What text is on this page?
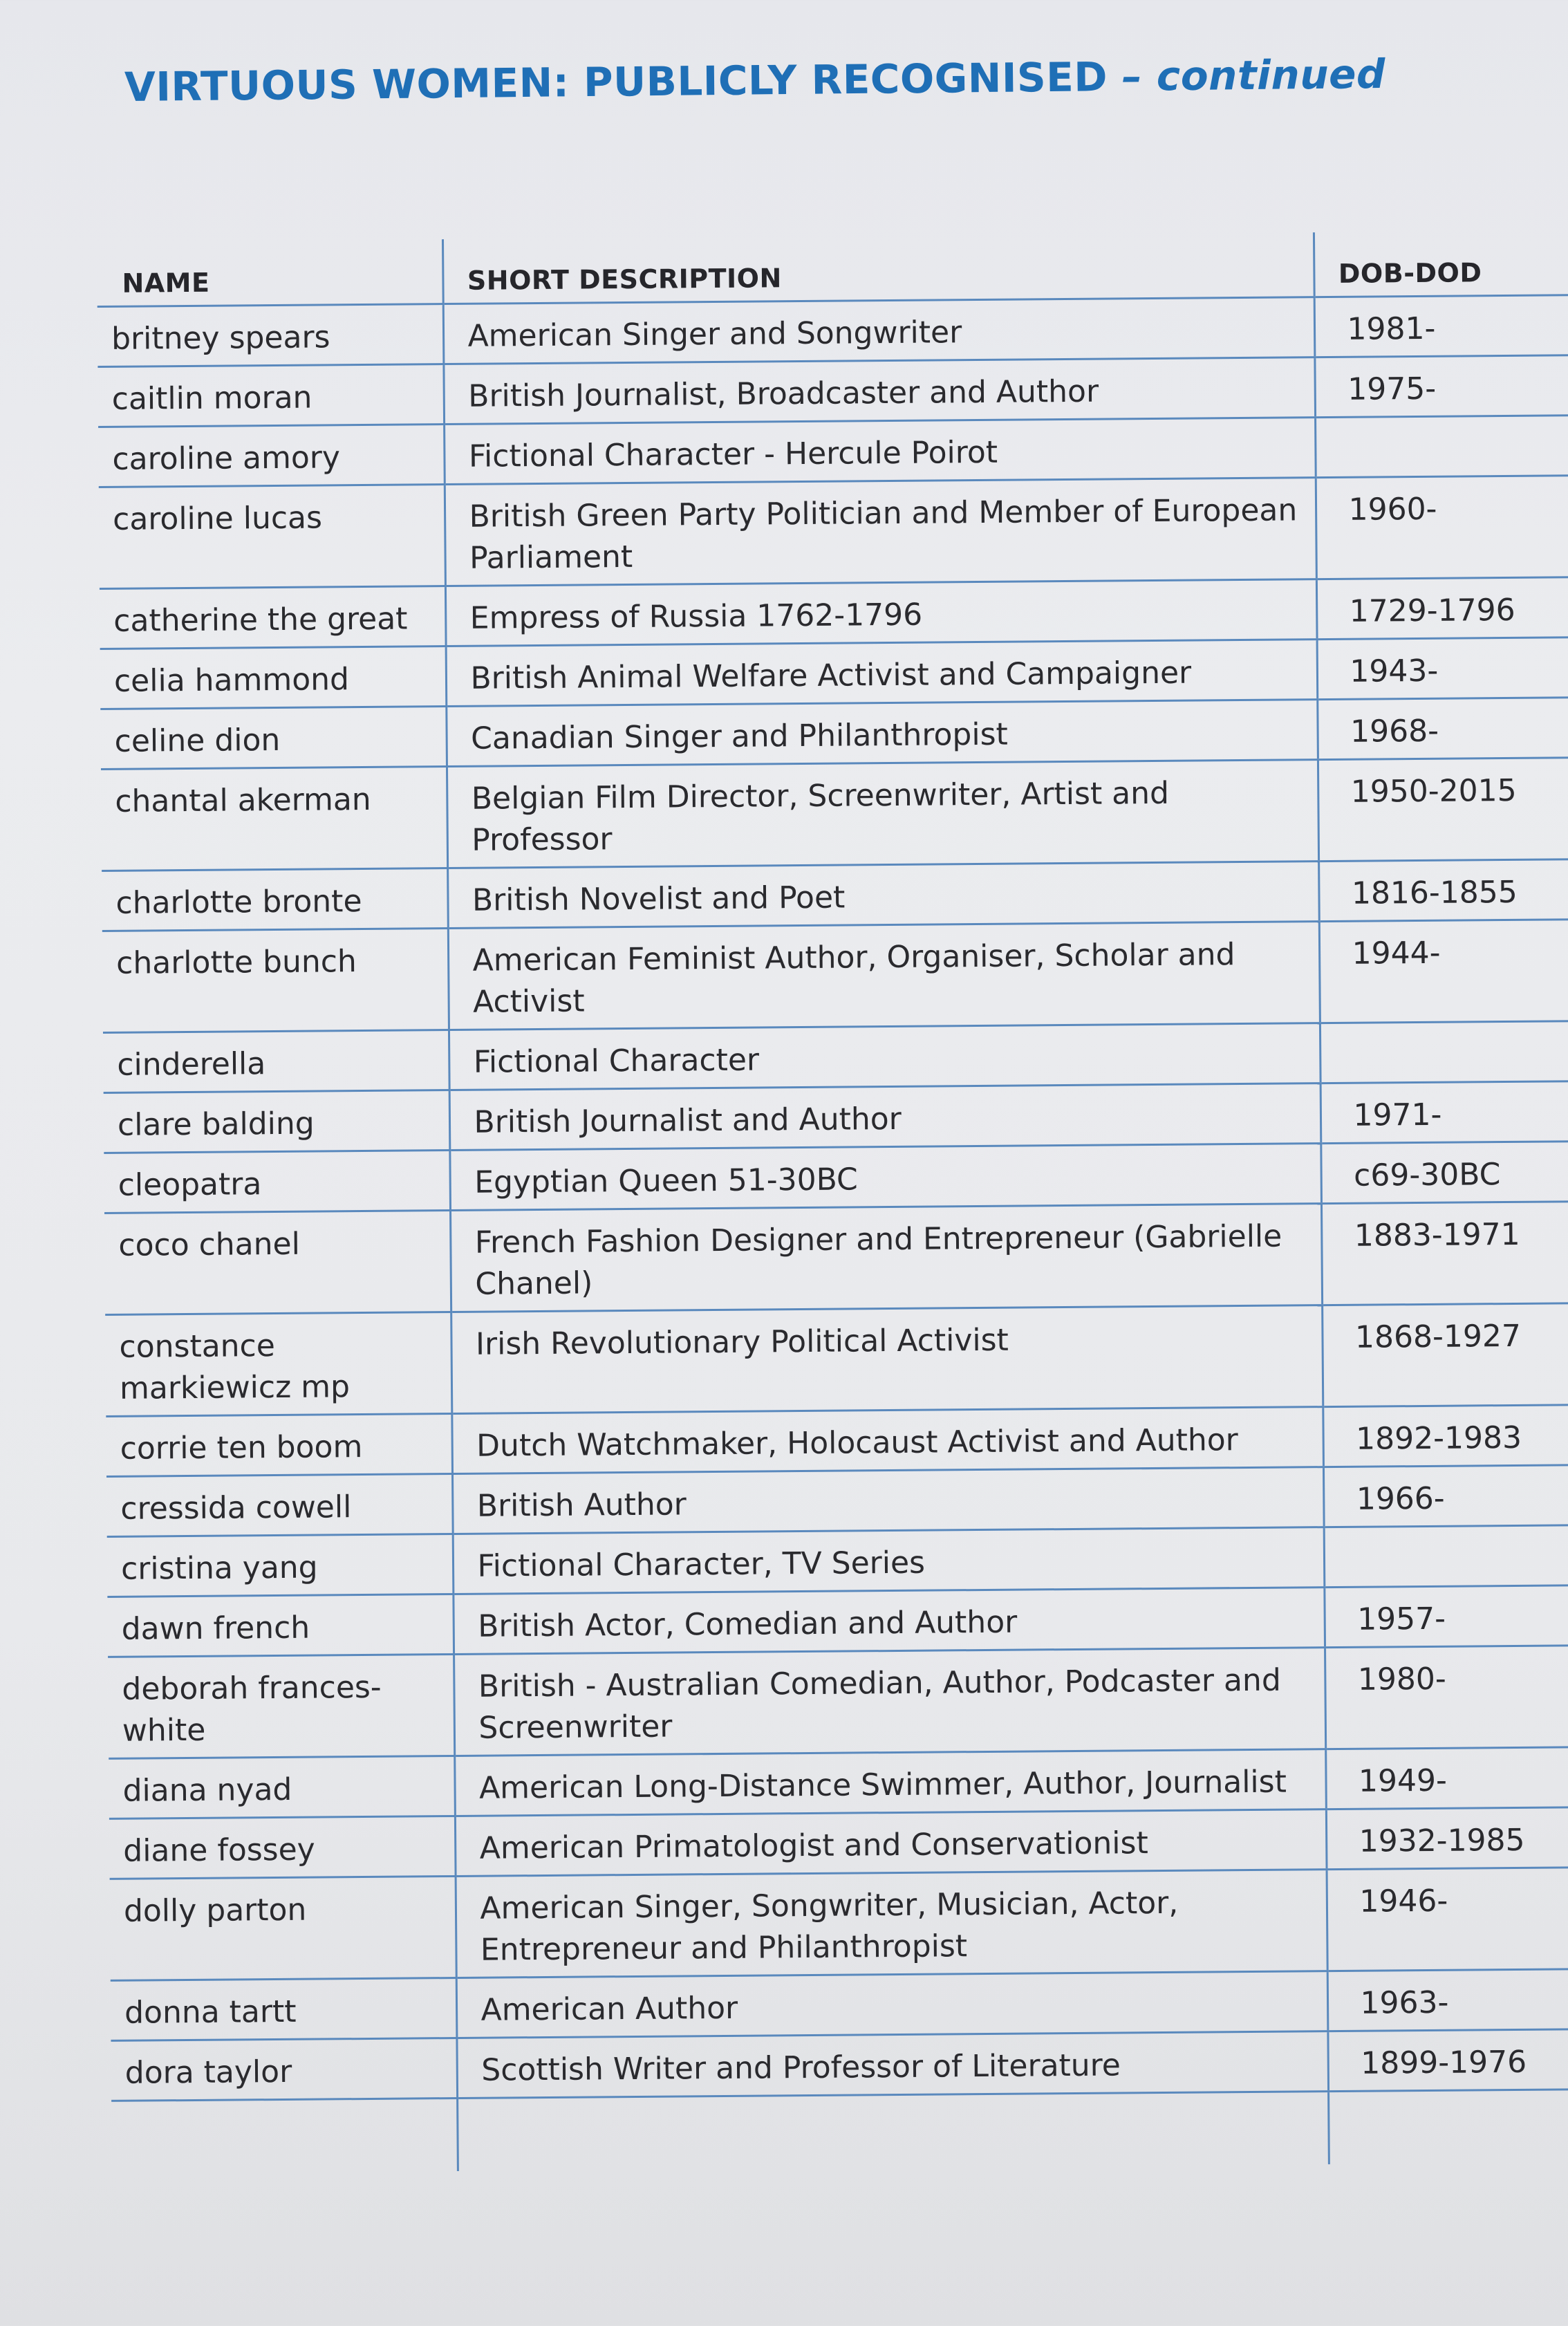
VIRTUOUS WOMEN: PUBLICLY RECOGNISED – continued
NAME	SHORT DESCRIPTION	DOB-DOD
britney spears	American Singer and Songwriter	1981-
caitlin moran	British Journalist, Broadcaster and Author	1975-
caroline amory	Fictional Character - Hercule Poirot	
caroline lucas	British Green Party Politician and Member of European Parliament	1960-
catherine the great	Empress of Russia 1762-1796	1729-1796
celia hammond	British Animal Welfare Activist and Campaigner	1943-
celine dion	Canadian Singer and Philanthropist	1968-
chantal akerman	Belgian Film Director, Screenwriter, Artist and Professor	1950-2015
charlotte bronte	British Novelist and Poet	1816-1855
charlotte bunch	American Feminist Author, Organiser, Scholar and Activist	1944-
cinderella	Fictional Character	
clare balding	British Journalist and Author	1971-
cleopatra	Egyptian Queen 51-30BC	c69-30BC
coco chanel	French Fashion Designer and Entrepreneur (Gabrielle Chanel)	1883-1971
constance markiewicz mp	Irish Revolutionary Political Activist	1868-1927
corrie ten boom	Dutch Watchmaker, Holocaust Activist and Author	1892-1983
cressida cowell	British Author	1966-
cristina yang	Fictional Character, TV Series	
dawn french	British Actor, Comedian and Author	1957-
deborah frances-white	British - Australian Comedian, Author, Podcaster and Screenwriter	1980-
diana nyad	American Long-Distance Swimmer, Author, Journalist	1949-
diane fossey	American Primatologist and Conservationist	1932-1985
dolly parton	American Singer, Songwriter, Musician, Actor, Entrepreneur and Philanthropist	1946-
donna tartt	American Author	1963-
dora taylor	Scottish Writer and Professor of Literature	1899-1976
